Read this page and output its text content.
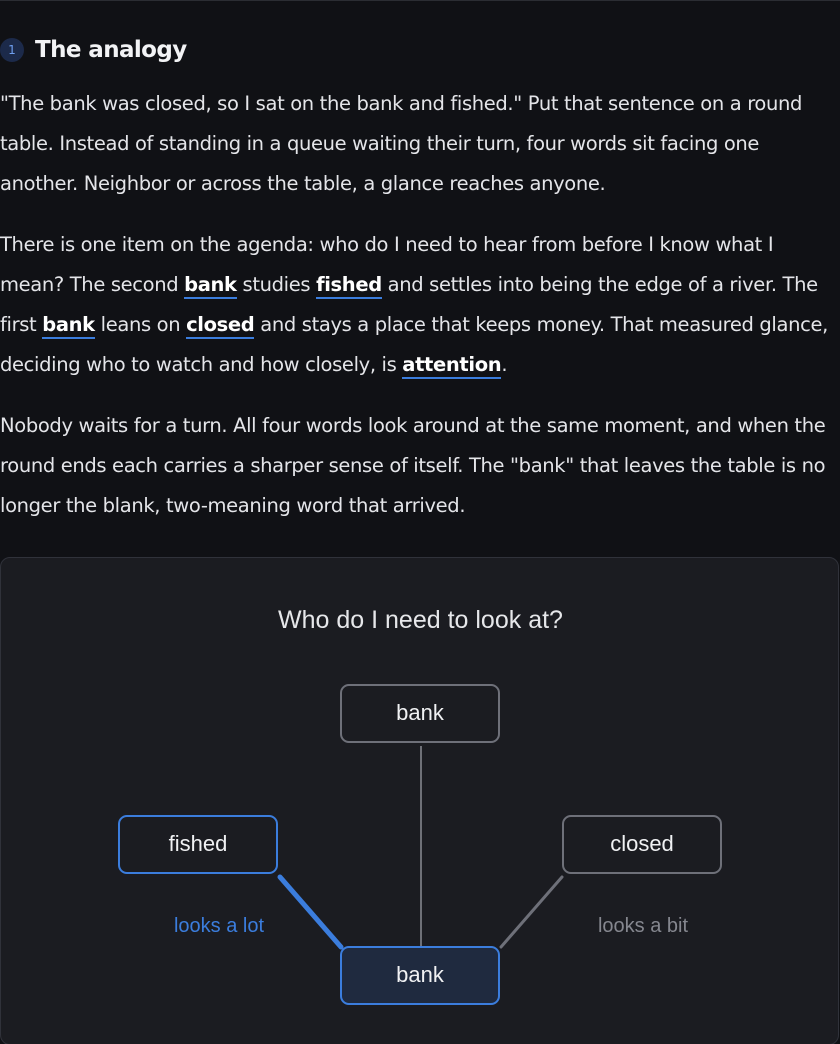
1 The analogy

"The bank was closed, so I sat on the bank and fished." Put that sentence on a round
table. Instead of standing in a queue waiting their turn, four words sit facing one
another. Neighbor or across the table, a glance reaches anyone.

There is one item on the agenda: who do I need to hear from before I know what I
mean? The second bank studies fished and settles into being the edge of a river. The
first bank leans on closed and stays a place that keeps money. That measured glance,
deciding who to watch and how closely, is attention.

Nobody waits for a turn. All four words look around at the same moment, and when the
round ends each carries a sharper sense of itself. The "bank" that leaves the table is no
longer the blank, two-meaning word that arrived.

Who do I need to look at?
bank
fished	closed
bank
looks a lot	looks a bit
